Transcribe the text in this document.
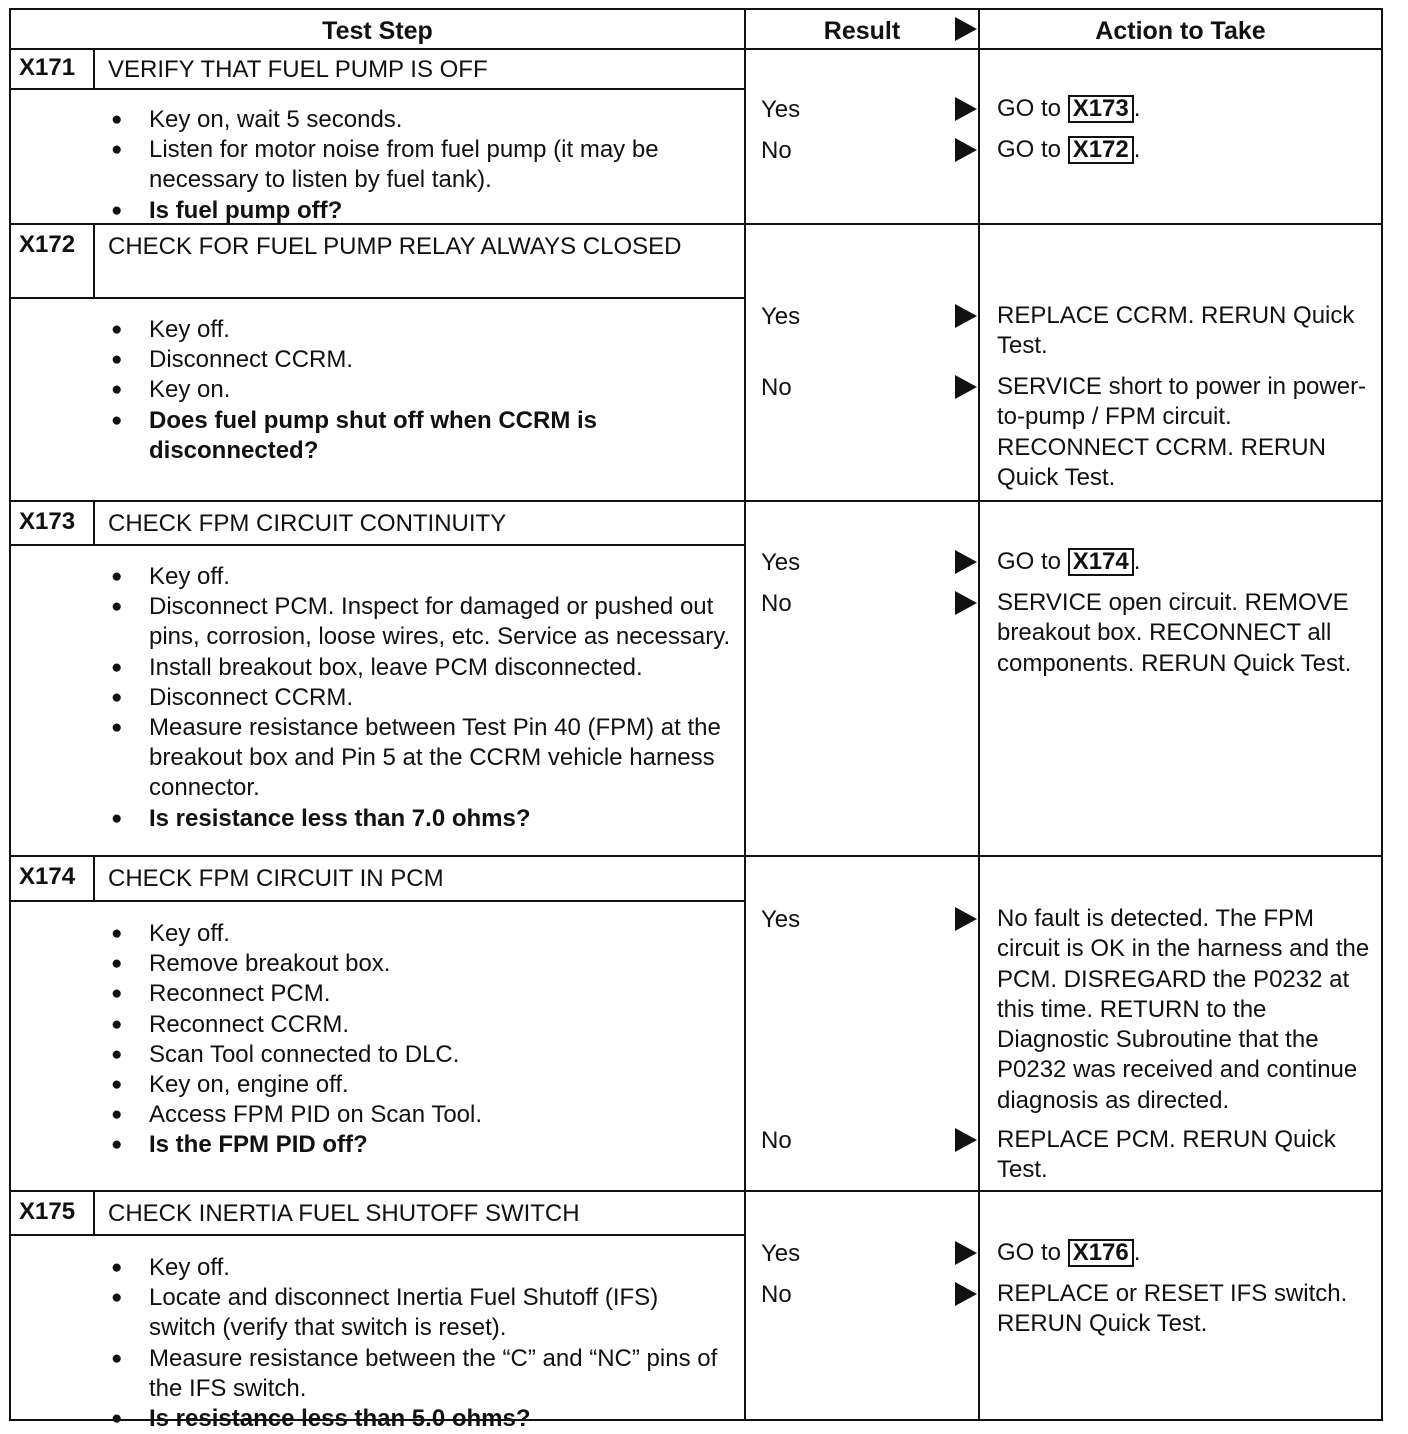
Test Step	Result	Action to Take
X171	VERIFY THAT FUEL PUMP IS OFF
● Key on, wait 5 seconds.
● Listen for motor noise from fuel pump (it may be necessary to listen by fuel tank).
● Is fuel pump off?
Yes	GO to X173 .
No	GO to X172 .
X172	CHECK FOR FUEL PUMP RELAY ALWAYS CLOSED
● Key off.
● Disconnect CCRM.
● Key on.
● Does fuel pump shut off when CCRM is disconnected?
Yes	REPLACE CCRM. RERUN Quick Test.
No	SERVICE short to power in power-to-pump / FPM circuit. RECONNECT CCRM. RERUN Quick Test.
X173	CHECK FPM CIRCUIT CONTINUITY
● Key off.
● Disconnect PCM. Inspect for damaged or pushed out pins, corrosion, loose wires, etc. Service as necessary.
● Install breakout box, leave PCM disconnected.
● Disconnect CCRM.
● Measure resistance between Test Pin 40 (FPM) at the breakout box and Pin 5 at the CCRM vehicle harness connector.
● Is resistance less than 7.0 ohms?
Yes	GO to X174 .
No	SERVICE open circuit. REMOVE breakout box. RECONNECT all components. RERUN Quick Test.
X174	CHECK FPM CIRCUIT IN PCM
● Key off.
● Remove breakout box.
● Reconnect PCM.
● Reconnect CCRM.
● Scan Tool connected to DLC.
● Key on, engine off.
● Access FPM PID on Scan Tool.
● Is the FPM PID off?
Yes	No fault is detected. The FPM circuit is OK in the harness and the PCM. DISREGARD the P0232 at this time. RETURN to the Diagnostic Subroutine that the P0232 was received and continue diagnosis as directed.
No	REPLACE PCM. RERUN Quick Test.
X175	CHECK INERTIA FUEL SHUTOFF SWITCH
● Key off.
● Locate and disconnect Inertia Fuel Shutoff (IFS) switch (verify that switch is reset).
● Measure resistance between the “C” and “NC” pins of the IFS switch.
● Is resistance less than 5.0 ohms?
Yes	GO to X176 .
No	REPLACE or RESET IFS switch. RERUN Quick Test.
